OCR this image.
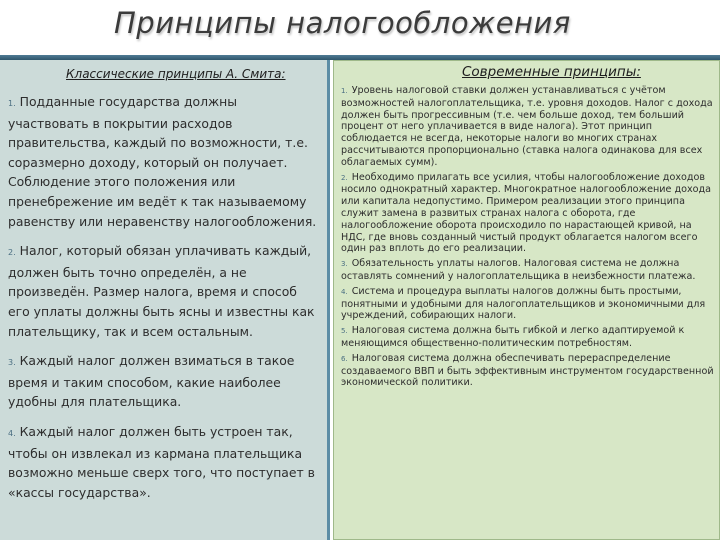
Принципы налогообложения
Классические принципы А. Смита:
1. Подданные государства должны участвовать в покрытии расходов правительства, каждый по возможности, т.е. соразмерно доходу, который он получает. Соблюдение этого положения или пренебрежение им ведёт к так называемому равенству или неравенству налогообложения.
2. Налог, который обязан уплачивать каждый, должен быть точно определён, а не произведён. Размер налога, время и способ его уплаты должны быть ясны и известны как плательщику, так и всем остальным.
3. Каждый налог должен взиматься в такое время и таким способом, какие наиболее удобны для плательщика.
4. Каждый налог должен быть устроен так, чтобы он извлекал из кармана плательщика возможно меньше сверх того, что поступает в «кассы государства».
Современные принципы:
1. Уровень налоговой ставки должен устанавливаться с учётом возможностей налогоплательщика, т.е. уровня доходов. Налог с дохода должен быть прогрессивным (т.е. чем больше доход, тем больший процент от него уплачивается в виде налога). Этот принцип соблюдается не всегда, некоторые налоги во многих странах рассчитываются пропорционально (ставка налога одинакова для всех облагаемых сумм).
2. Необходимо прилагать все усилия, чтобы налогообложение доходов носило однократный характер. Многократное налогообложение дохода или капитала недопустимо. Примером реализации этого принципа служит замена в развитых странах налога с оборота, где налогообложение оборота происходило по нарастающей кривой, на НДС, где вновь созданный чистый продукт облагается налогом всего один раз вплоть до его реализации.
3. Обязательность уплаты налогов. Налоговая система не должна оставлять сомнений у налогоплательщика в неизбежности платежа.
4. Система и процедура выплаты налогов должны быть простыми, понятными и удобными для налогоплательщиков и экономичными для учреждений, собирающих налоги.
5. Налоговая система должна быть гибкой и легко адаптируемой к меняющимся общественно-политическим потребностям.
6. Налоговая система должна обеспечивать перераспределение создаваемого ВВП и быть эффективным инструментом государственной экономической политики.
